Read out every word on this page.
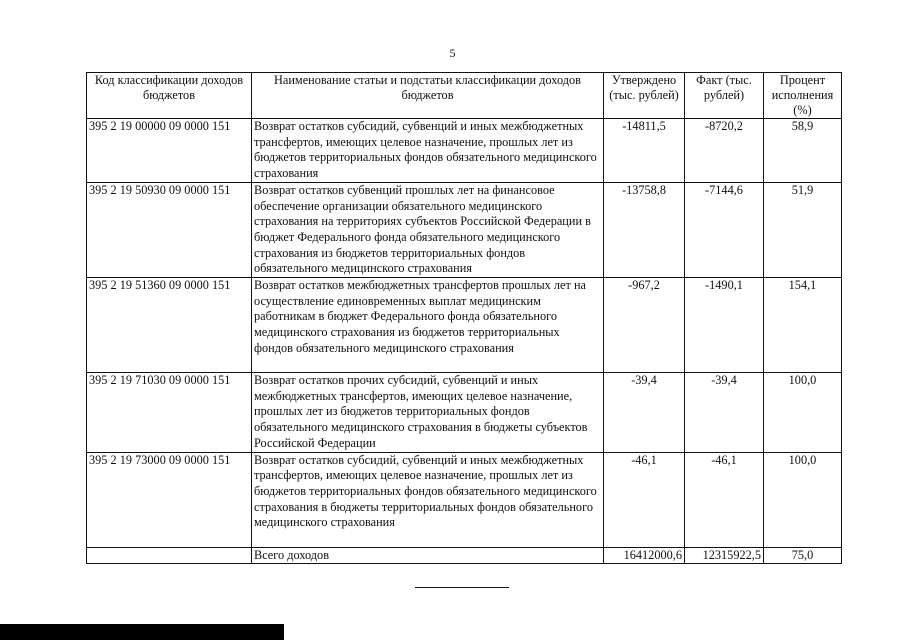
5
Код классификации доходов бюджетов	Наименование статьи и подстатьи классификации доходов бюджетов	Утверждено (тыс. рублей)	Факт (тыс. рублей)	Процент исполнения (%)
395 2 19 00000 09 0000 151	Возврат остатков субсидий, субвенций и иных межбюджетных трансфертов, имеющих целевое назначение, прошлых лет из бюджетов территориальных фондов обязательного медицинского страхования	-14811,5	-8720,2	58,9
395 2 19 50930 09 0000 151	Возврат остатков субвенций прошлых лет на финансовое обеспечение организации обязательного медицинского страхования на территориях субъектов Российской Федерации в бюджет Федерального фонда обязательного медицинского страхования из бюджетов территориальных фондов обязательного медицинского страхования	-13758,8	-7144,6	51,9
395 2 19 51360 09 0000 151	Возврат остатков межбюджетных трансфертов прошлых лет на осуществление единовременных выплат медицинским работникам в бюджет Федерального фонда обязательного медицинского страхования из бюджетов территориальных фондов обязательного медицинского страхования	-967,2	-1490,1	154,1
395 2 19 71030 09 0000 151	Возврат остатков прочих субсидий, субвенций и иных межбюджетных трансфертов, имеющих целевое назначение, прошлых лет из бюджетов территориальных фондов обязательного медицинского страхования в бюджеты субъектов Российской Федерации	-39,4	-39,4	100,0
395 2 19 73000 09 0000 151	Возврат остатков субсидий, субвенций и иных межбюджетных трансфертов, имеющих целевое назначение, прошлых лет из бюджетов территориальных фондов обязательного медицинского страхования в бюджеты территориальных фондов обязательного медицинского страхования	-46,1	-46,1	100,0
	Всего доходов	16412000,6	12315922,5	75,0
